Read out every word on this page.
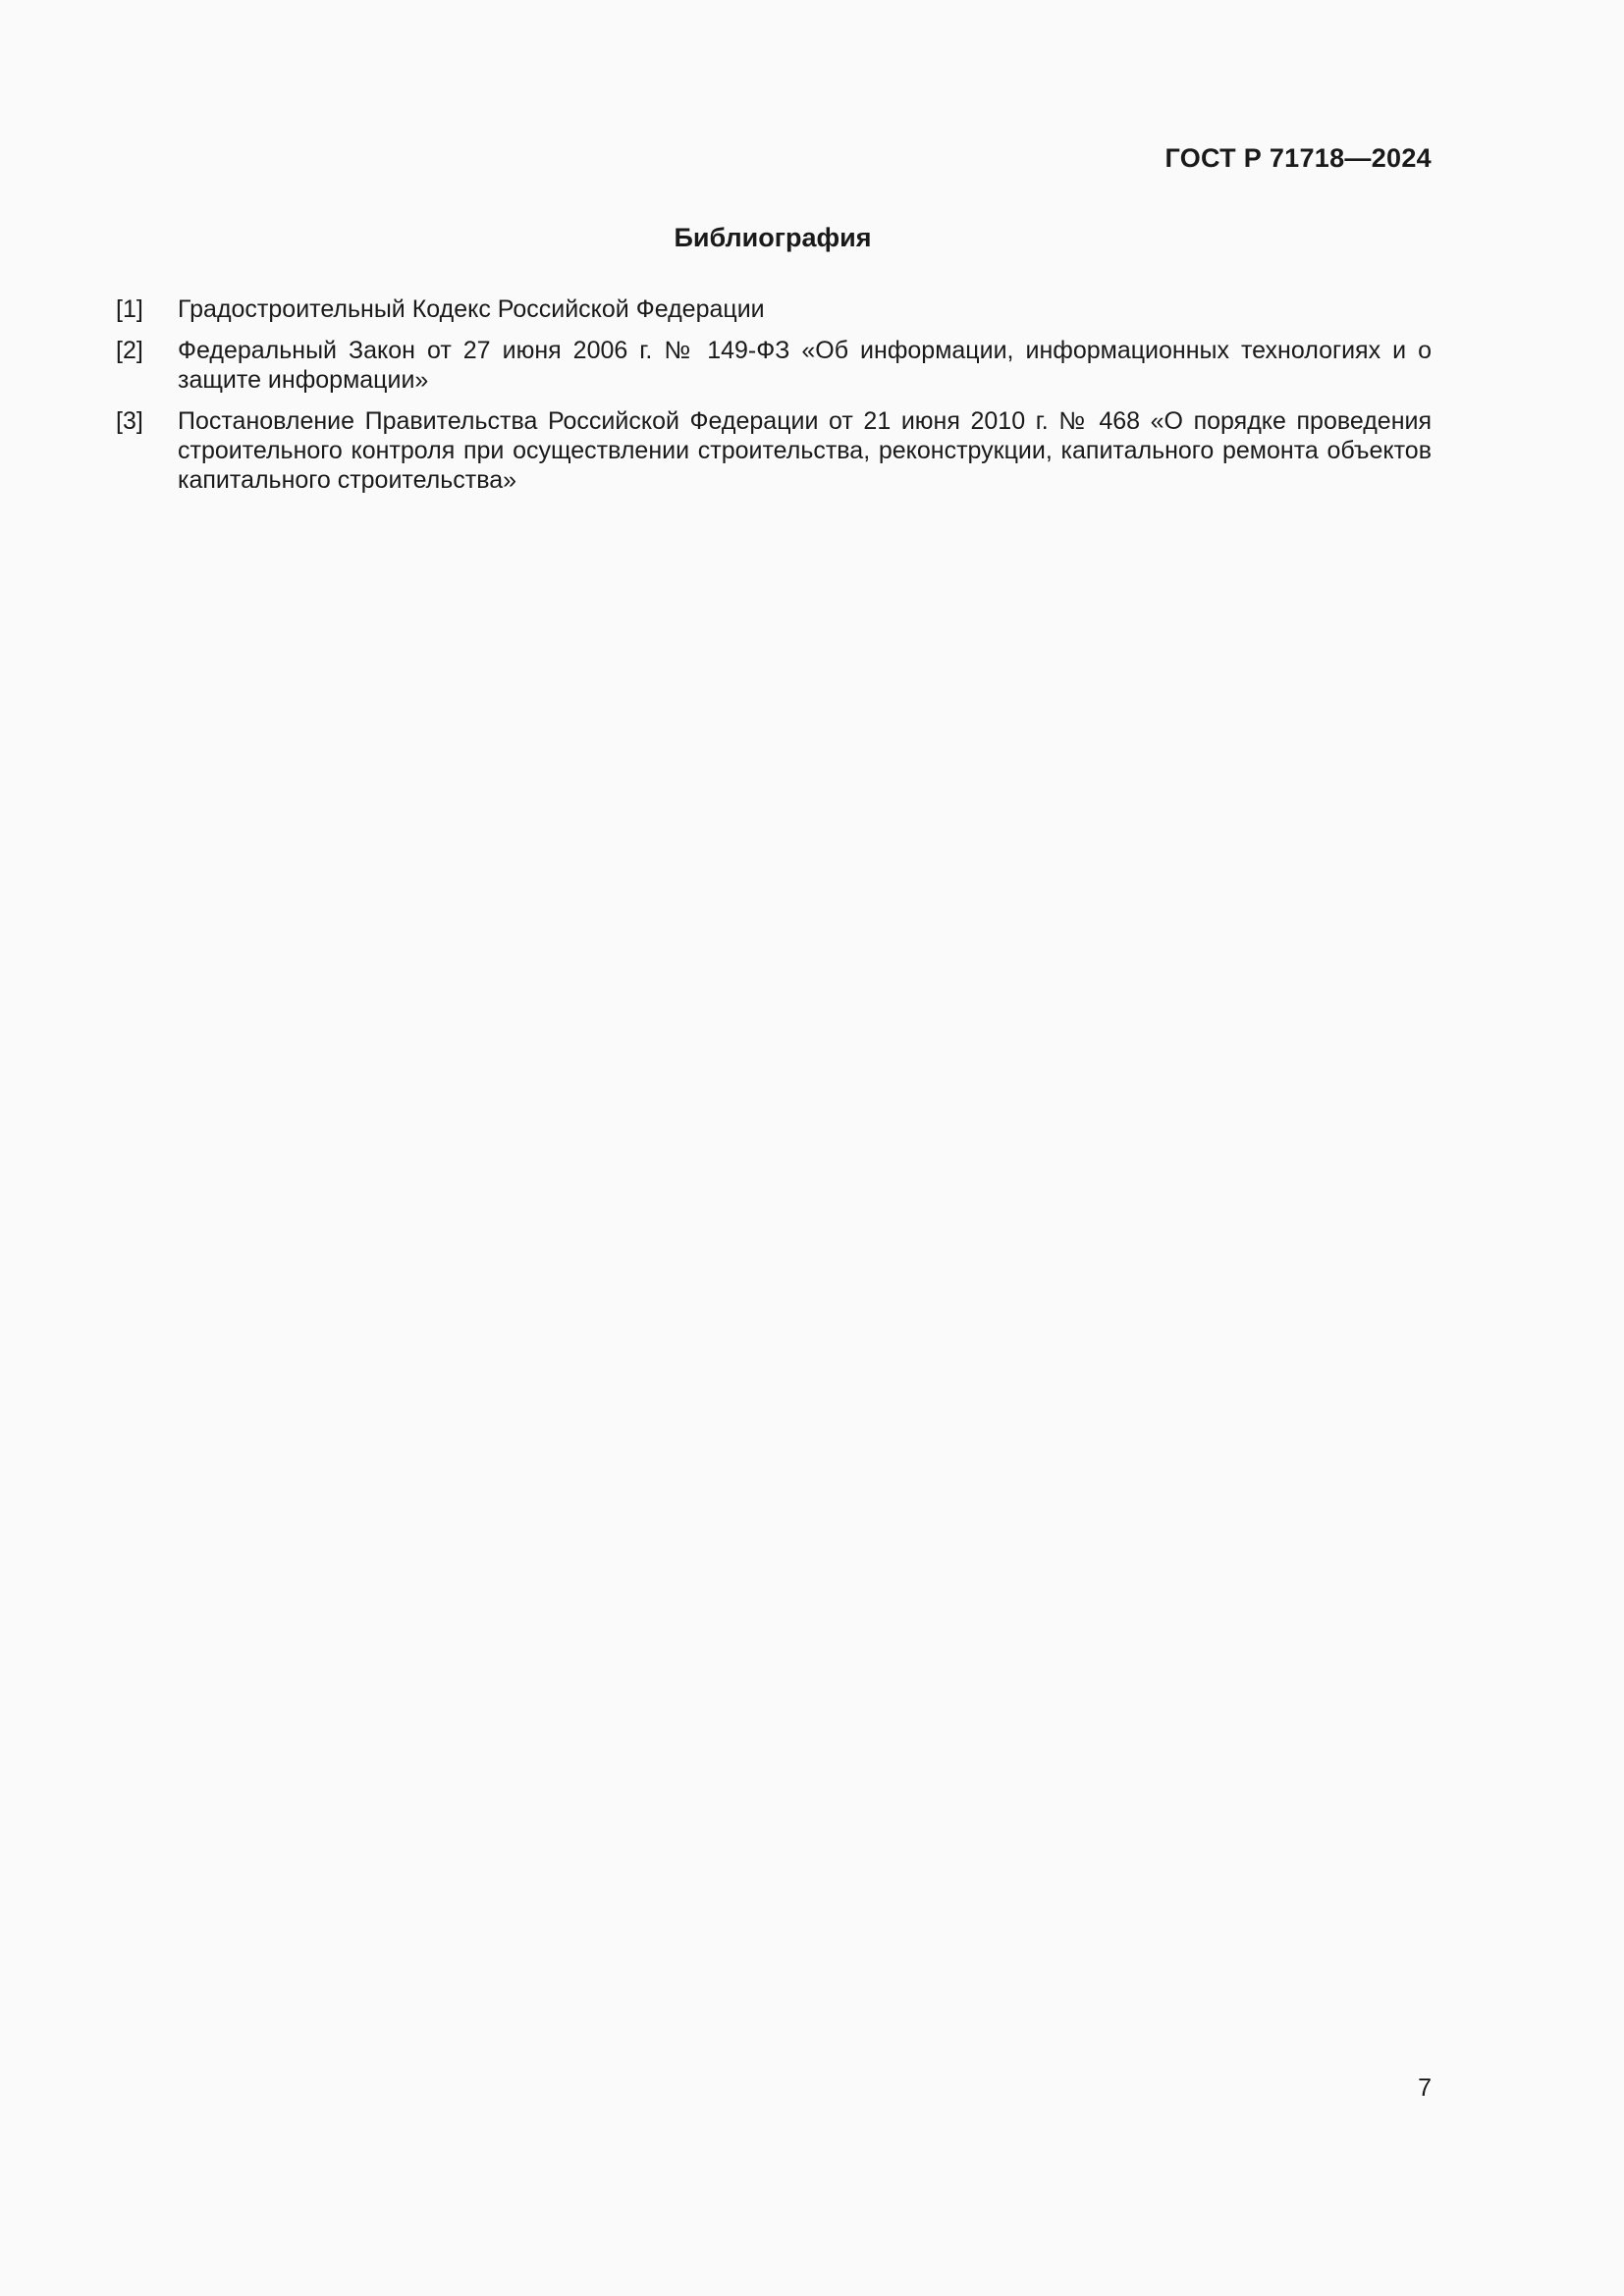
ГОСТ Р 71718—2024
Библиография
[1]	Градостроительный Кодекс Российской Федерации
[2]	Федеральный Закон от 27 июня 2006 г. № 149-ФЗ «Об информации, информационных технологиях и о защите информации»
[3]	Постановление Правительства Российской Федерации от 21 июня 2010 г. № 468 «О порядке проведения строительного контроля при осуществлении строительства, реконструкции, капитального ремонта объектов капитального строительства»
7
